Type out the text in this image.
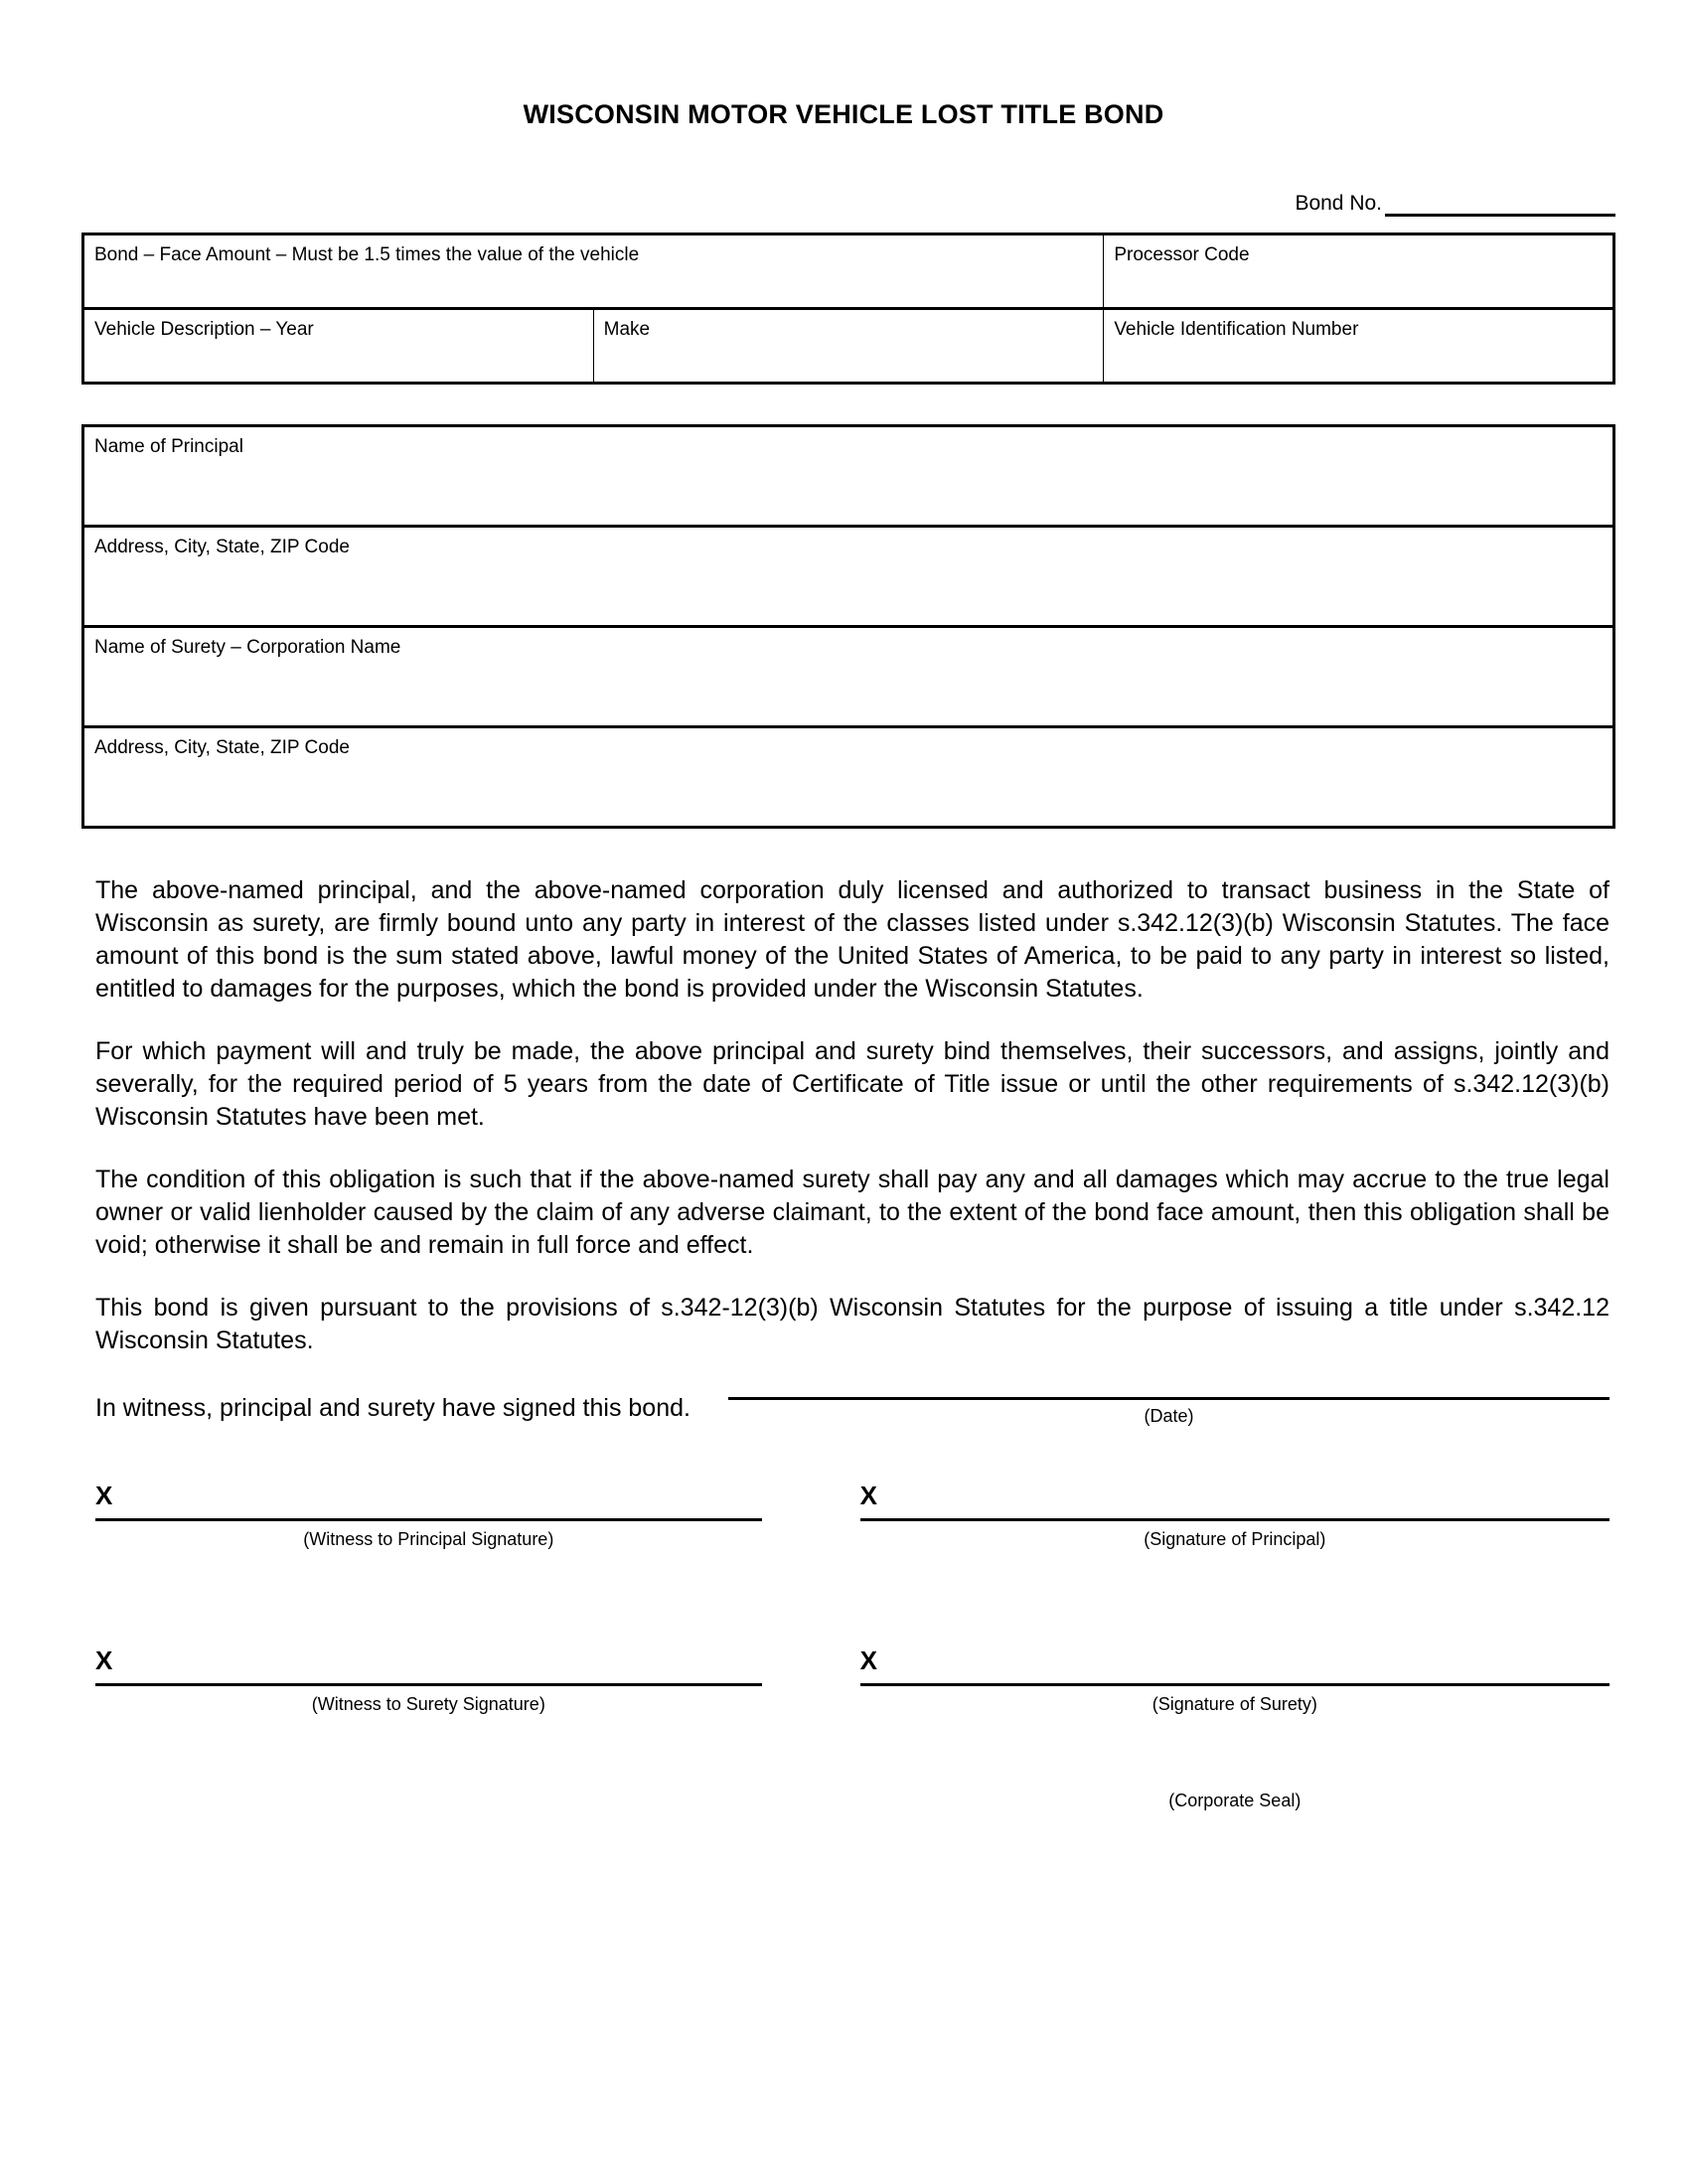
WISCONSIN MOTOR VEHICLE LOST TITLE BOND
Bond No.
Bond – Face Amount – Must be 1.5 times the value of the vehicle		Processor Code
Vehicle Description – Year	Make	Vehicle Identification Number
Name of Principal
Address, City, State, ZIP Code
Name of Surety – Corporation Name
Address, City, State, ZIP Code

The above-named principal, and the above-named corporation duly licensed and authorized to transact business in the State of Wisconsin as surety, are firmly bound unto any party in interest of the classes listed under s.342.12(3)(b) Wisconsin Statutes. The face amount of this bond is the sum stated above, lawful money of the United States of America, to be paid to any party in interest so listed, entitled to damages for the purposes, which the bond is provided under the Wisconsin Statutes.

For which payment will and truly be made, the above principal and surety bind themselves, their successors, and assigns, jointly and severally, for the required period of 5 years from the date of Certificate of Title issue or until the other requirements of s.342.12(3)(b) Wisconsin Statutes have been met.

The condition of this obligation is such that if the above-named surety shall pay any and all damages which may accrue to the true legal owner or valid lienholder caused by the claim of any adverse claimant, to the extent of the bond face amount, then this obligation shall be void; otherwise it shall be and remain in full force and effect.

This bond is given pursuant to the provisions of s.342-12(3)(b) Wisconsin Statutes for the purpose of issuing a title under s.342.12 Wisconsin Statutes.

In witness, principal and surety have signed this bond.	(Date)
X
(Witness to Principal Signature)
X
(Signature of Principal)
X
(Witness to Surety Signature)
X
(Signature of Surety)
(Corporate Seal)
